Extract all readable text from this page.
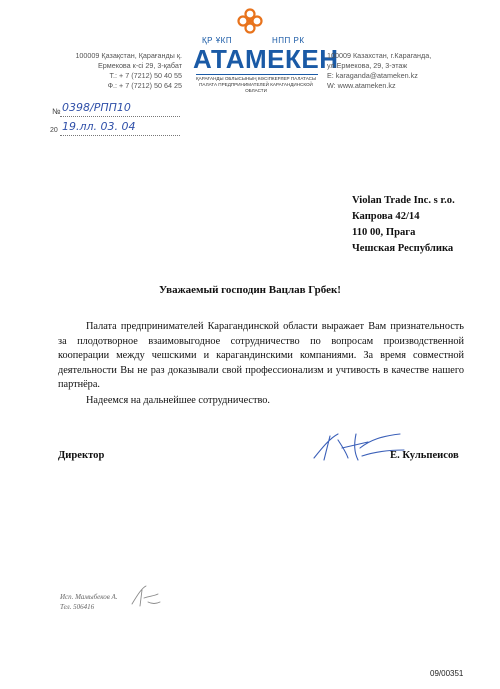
100009 Қазақстан, Қарағанды қ.
Ермекова к-сі 29, 3-қабат
Т.: + 7 (7212) 50 40 55
Ф.: + 7 (7212) 50 64 25
ҚР ҰКП	НПП РК
АТАМЕКЕН
ҚАРАҒАНДЫ ОБЛЫСЫНЫҢ КӘСІПКЕРЛЕР ПАЛАТАСЫ
ПАЛАТА ПРЕДПРИНИМАТЕЛЕЙ КАРАГАНДИНСКОЙ ОБЛАСТИ
100009 Казахстан, г.Караганда,
ул.Ермекова, 29, 3-этаж
E: karaganda@atameken.kz
W: www.atameken.kz
№ 0398/PПП10
20 19.лл. 03. 04
Violan Trade Inc. s r.o.
Капрова 42/14
110 00, Прага
Чешская Республика
Уважаемый господин Вацлав Грбек!

Палата предпринимателей Карагандинской области выражает Вам признательность за плодотворное взаимовыгодное сотрудничество по вопросам производственной кооперации между чешскими и карагандинскими компаниями. За время совместной деятельности Вы не раз доказывали свой профессионализм и учтивость в качестве нашего партнёра.

Надеемся на дальнейшее сотрудничество.

Директор	Е. Кульпеисов
Исп. Мамыбеков А.
Тел. 506416
09/00351
